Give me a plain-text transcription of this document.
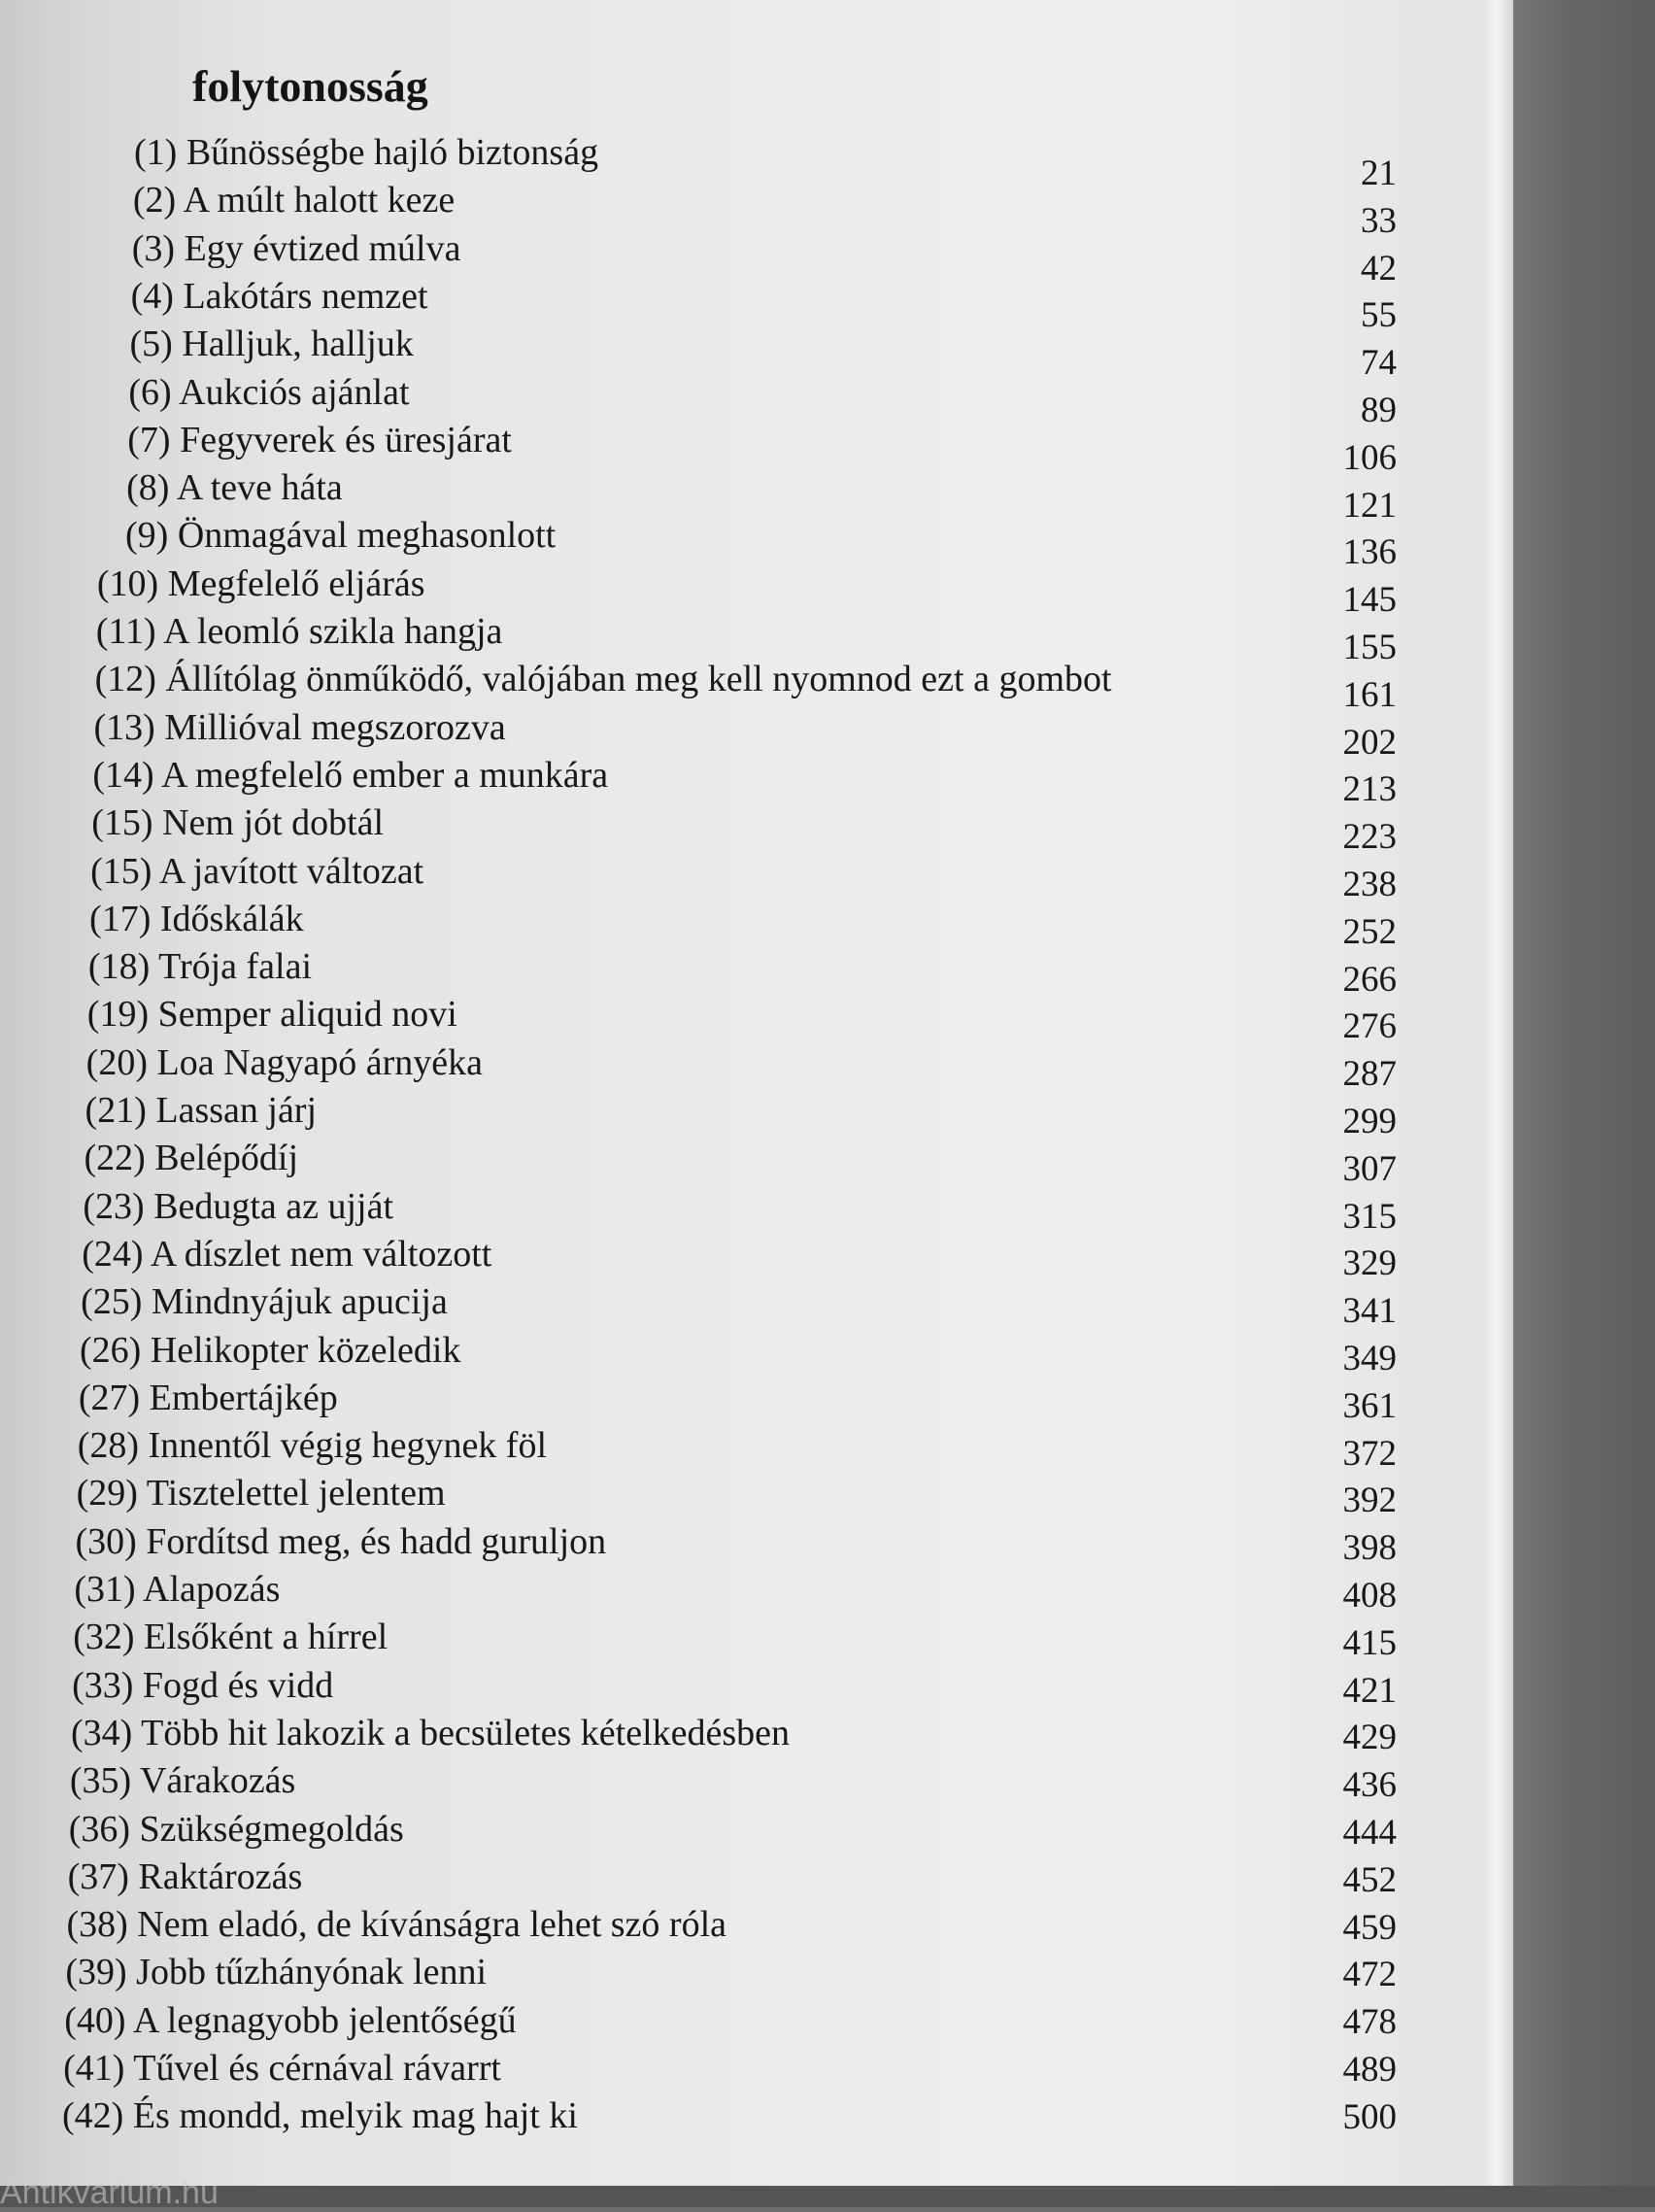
folytonosság
(1) Bűnösségbe hajló biztonság
21
(2) A múlt halott keze	33
(3) Egy évtized múlva	42
(4) Lakótárs nemzet	55
(5) Halljuk, halljuk	74
(6) Aukciós ajánlat	89
(7) Fegyverek és üresjárat	106
(8) A teve háta	121
(9) Önmagával meghasonlott	136
(10) Megfelelő eljárás	145
(11) A leomló szikla hangja	155
(12) Állítólag önműködő, valójában meg kell nyomnod ezt a gombot	161
(13) Millióval megszorozva	202
(14) A megfelelő ember a munkára	213
(15) Nem jót dobtál	223
(15) A javított változat	238
(17) Időskálák	252
(18) Trója falai	266
(19) Semper aliquid novi	276
(20) Loa Nagyapó árnyéka	287
(21) Lassan járj	299
(22) Belépődíj	307
(23) Bedugta az ujját	315
(24) A díszlet nem változott	329
(25) Mindnyájuk apucija	341
(26) Helikopter közeledik	349
(27) Embertájkép	361
(28) Innentől végig hegynek föl	372
(29) Tisztelettel jelentem	392
(30) Fordítsd meg, és hadd guruljon	398
(31) Alapozás	408
(32) Elsőként a hírrel	415
(33) Fogd és vidd	421
(34) Több hit lakozik a becsületes kételkedésben	429
(35) Várakozás	436
(36) Szükségmegoldás	444
(37) Raktározás	452
(38) Nem eladó, de kívánságra lehet szó róla	459
(39) Jobb tűzhányónak lenni	472
(40) A legnagyobb jelentőségű	478
(41) Tűvel és cérnával rávarrt	489
(42) És mondd, melyik mag hajt ki	500
Antikvarium.hu
